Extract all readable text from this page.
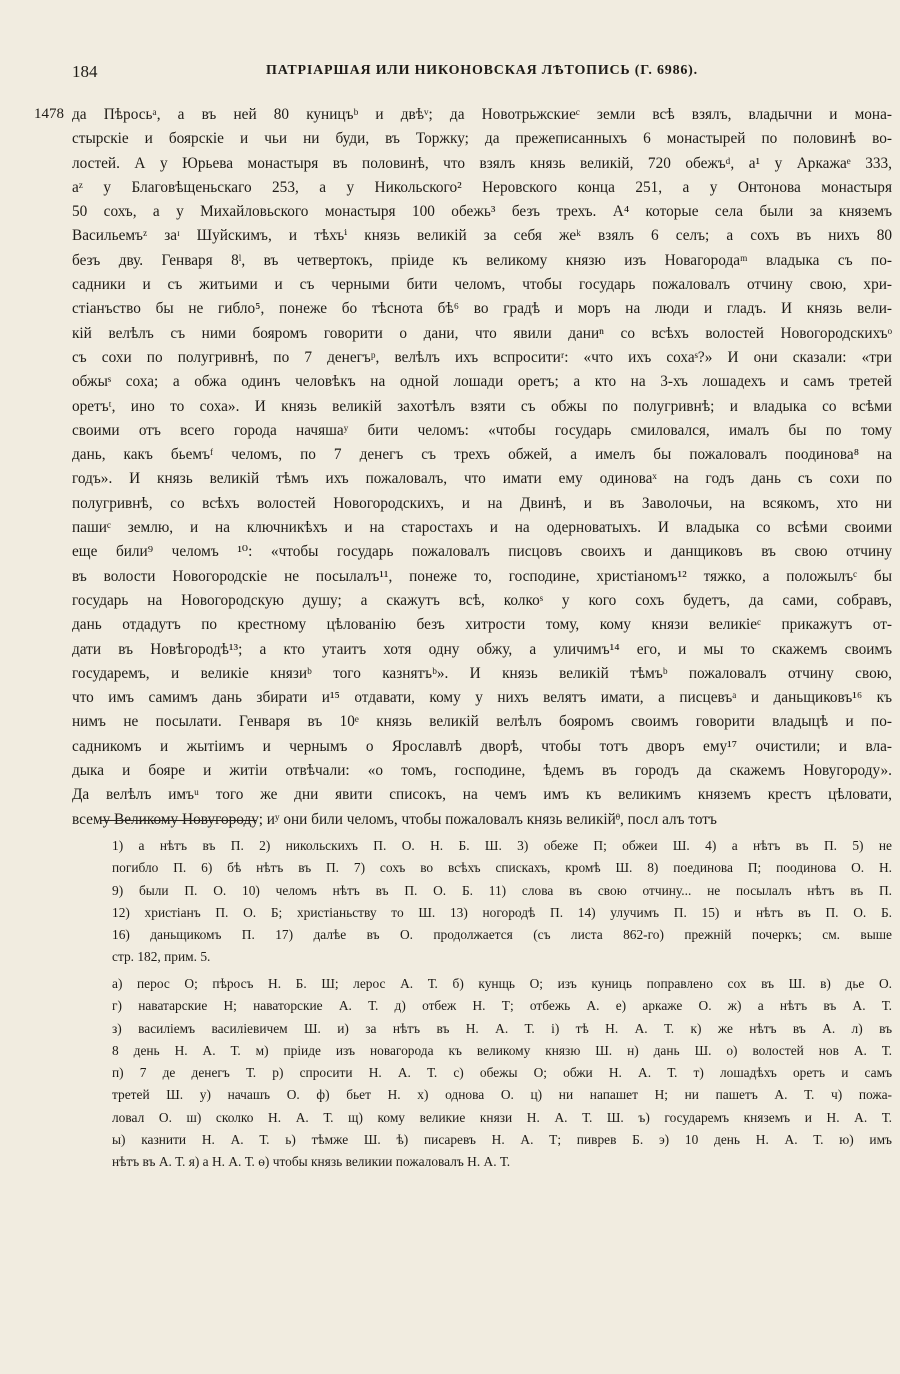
184	ПАТРІАРШАЯ ИЛИ НИКОНОВСКАЯ ЛѢТОПИСЬ (Г. 6986).
1478 да Пѣросьᵃ, а въ ней 80 куницъᵇ и двѣᵛ; да Новотрьжскиеᶜ земли всѣ взялъ, владычни и мона-
стырскiе и боярскiе и чьи ни буди, въ Торжку; да прежеписанныхъ 6 монастырей по половинѣ во-
лостей. А у Юрьева монастыря въ половинѣ, что взялъ князь великiй, 720 обежъᵈ, а¹ у Аркажаᵉ 333,
аᶻ у Благовѣщеньскаго 253, а у Никольского² Неровского конца 251, а у Онтонова монастыря
50 сохъ, а у Михайловьского монастыря 100 обежь³ безъ трехъ. А⁴ которые села были за княземъ
Васильемъᶻ заᶦ Шуйскимъ, и тѣхъⁱ князь великiй за себя жеᵏ взялъ 6 селъ; а сохъ въ нихъ 80
безъ дву. Генваря 8ˡ, въ четвертокъ, прiиде къ великому князю изъ Новагородаᵐ владыка съ по-
садники и съ житьими и съ черными бити челомъ, чтобы государь пожаловалъ отчину свою, хри-
стiанъство бы не гибло⁵, понеже бо тѣснота бѣ⁶ во градѣ и моръ на люди и гладъ. И князь вели-
кiй велѣлъ съ ними бояромъ говорити о дани, что явили даниⁿ со всѣхъ волостей Новогородскихъᵒ
съ сохи по полугривнѣ, по 7 денегъᵖ, велѣлъ ихъ вспроситиʳ: «что ихъ сохаˢ?» И они сказали: «три
обжыˢ соха; а обжа одинъ человѣкъ на одной лошади оретъ; а кто на 3-хъ лошадехъ и самъ третей
оретъᵗ, ино то соха». И князь великiй захотѣлъ взяти съ обжы по полугривнѣ; и владыка со всѣми
своими отъ всего города начяшаʸ бити челомъ: «чтобы государь смиловался, ималъ бы по тому
дань, какъ бьемъᶠ челомъ, по 7 денегъ съ трехъ обжей, а имелъ бы пожаловалъ поодинова⁸ на
годъ». И князь великiй тѣмъ ихъ пожаловалъ, что имати ему одиноваˣ на годъ дань съ сохи по
полугривнѣ, со всѣхъ волостей Новогородскихъ, и на Двинѣ, и въ Заволочьи, на всякомъ, хто ни
пашиᶜ землю, и на ключникѣхъ и на старостахъ и на одерноватыхъ. И владыка со всѣми своими
еще били⁹ челомъ ¹⁰: «чтобы государь пожаловалъ писцовъ своихъ и данщиковъ въ свою отчину
въ волости Новогородскiе не посылалъ¹¹, понеже то, господине, христiаномъ¹² тяжко, а положылъᶜ бы
государь на Новогородскую душу; а скажутъ всѣ, колкоˢ у кого сохъ будетъ, да сами, собравъ,
дань отдадутъ по крестному цѣлованiю безъ хитрости тому, кому князи великiеᶜ прикажутъ от-
дати въ Новѣгородѣ¹³; а кто утаитъ хотя одну обжу, а уличимъ¹⁴ его, и мы то скажемъ своимъ
государемъ, и великiе князиᵇ того казнятъᵇ». И князь великiй тѣмъᵇ пожаловалъ отчину свою,
что имъ самимъ дань збирати и¹⁵ отдавати, кому у нихъ велятъ имати, а писцевъᵃ и даньщиковъ¹⁶ къ
нимъ не посылати. Генваря въ 10ᵉ князь великiй велѣлъ бояромъ своимъ говорити владыцѣ и по-
садникомъ и жытiимъ и чернымъ о Ярославлѣ дворѣ, чтобы тотъ дворъ ему¹⁷ очистили; и вла-
дыка и бояре и житiи отвѣчали: «о томъ, господине, ѣдемъ въ городъ да скажемъ Новугороду».
Да велѣлъ имъᵘ того же дни явити списокъ, на чемъ имъ къ великимъ княземъ крестъ цѣловати,
всему Великому Новугороду; иʸ они били челомъ, чтобы пожаловалъ князь великiйᶿ, посл алъ тотъ
1) а нѣтъ въ П. 2) никольскихъ П. О. Н. Б. Ш. 3) обеже П; обжеи Ш. 4) а нѣтъ въ П. 5) не
погибло П. 6) бѣ нѣтъ въ П. 7) сохъ во всѣхъ спискахъ, кромѣ Ш. 8) поединова П; поодинова О. Н.
9) были П. О. 10) челомъ нѣтъ въ П. О. Б. 11) слова въ свою отчину... не посылалъ нѣтъ въ П.
12) христiанъ П. О. Б; христiаньству то Ш. 13) ногородѣ П. 14) улучимъ П. 15) и нѣтъ въ П. О. Б.
16) даньщикомъ П. 17) далѣе въ О. продолжается (съ листа 862-го) прежнiй почеркъ; см. выше
стр. 182, прим. 5.
а) перос О; пѣросъ Н. Б. Ш; лерос А. Т. б) кунщь О; изъ куниць поправлено сох въ Ш. в) дье О.
г) наватарские Н; наваторские А. Т. д) отбеж Н. Т; отбежь А. е) аркаже О. ж) а нѣтъ въ А. Т.
з) василiемъ василiевичем Ш. и) за нѣтъ въ Н. А. Т. i) тѣ Н. А. Т. к) же нѣтъ въ А. л) въ
8 день Н. А. Т. м) прiиде изъ новагорода къ великому князю Ш. н) дань Ш. о) волостей нов А. Т.
п) 7 де денегъ Т. р) спросити Н. А. Т. с) обежы О; обжи Н. А. Т. т) лошадѣхъ оретъ и самъ
третей Ш. у) начашъ О. ф) бьет Н. х) однова О. ц) ни напашет Н; ни пашетъ А. Т. ч) пожа-
ловал О. ш) сколко Н. А. Т. щ) кому великие князи Н. А. Т. Ш. ъ) государемъ княземъ и Н. А. Т.
ы) казнити Н. А. Т. ь) тѣмже Ш. ѣ) писаревъ Н. А. Т; пиврев Б. э) 10 день Н. А. Т. ю) имъ
нѣтъ въ А. Т. я) а Н. А. Т. ѳ) чтобы князь великии пожаловалъ Н. А. Т.
